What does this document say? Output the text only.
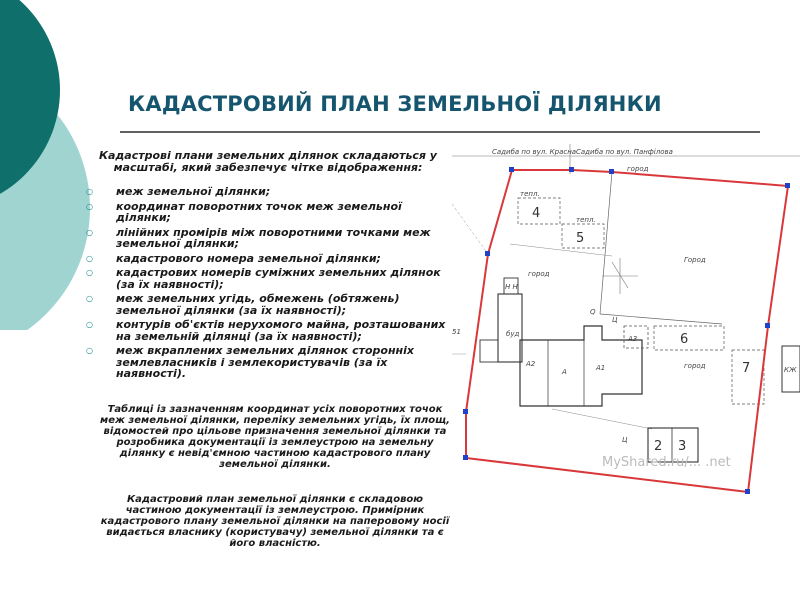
КАДАСТРОВИЙ ПЛАН ЗЕМЕЛЬНОЇ ДІЛЯНКИ

Кадастрові плани земельних ділянок складаються у масштабі, який забезпечує чітке відображення:

○ меж земельної ділянки;
○ координат поворотних точок меж земельної ділянки;
○ лінійних промірів між поворотними точками меж земельної ділянки;
○ кадастрового номера земельної ділянки;
○ кадастрових номерів суміжних земельних ділянок (за їх наявності);
○ меж земельних угідь, обмежень (обтяжень) земельної ділянки (за їх наявності);
○ контурів об'єктів нерухомого майна, розташованих на земельній ділянці (за їх наявності);
○ меж вкраплених земельних ділянок сторонніх землевласників і землекористувачів (за їх наявності).

Таблиці із зазначенням координат усіх поворотних точок меж земельної ділянки, переліку земельних угідь, їх площ, відомостей про цільове призначення земельної ділянки та розробника документації із землеустрою на земельну ділянку є невід'ємною частиною кадастрового плану земельної ділянки.

Кадастровий план земельної ділянки є складовою частиною документації із землеустрою. Примірник кадастрового плану земельної ділянки на паперовому носії видається власнику (користувачу) земельної ділянки та є його власністю.

Садиба по вул. Красна Садиба по вул. Панфілова
город
51
тепл.
4	тепл.
5
город
Город
город
А2
А	А1
А3
Ц
Q
буд
Н Н
6
7
2 3
Ц
КЖ
MyShared.ru/... .net
